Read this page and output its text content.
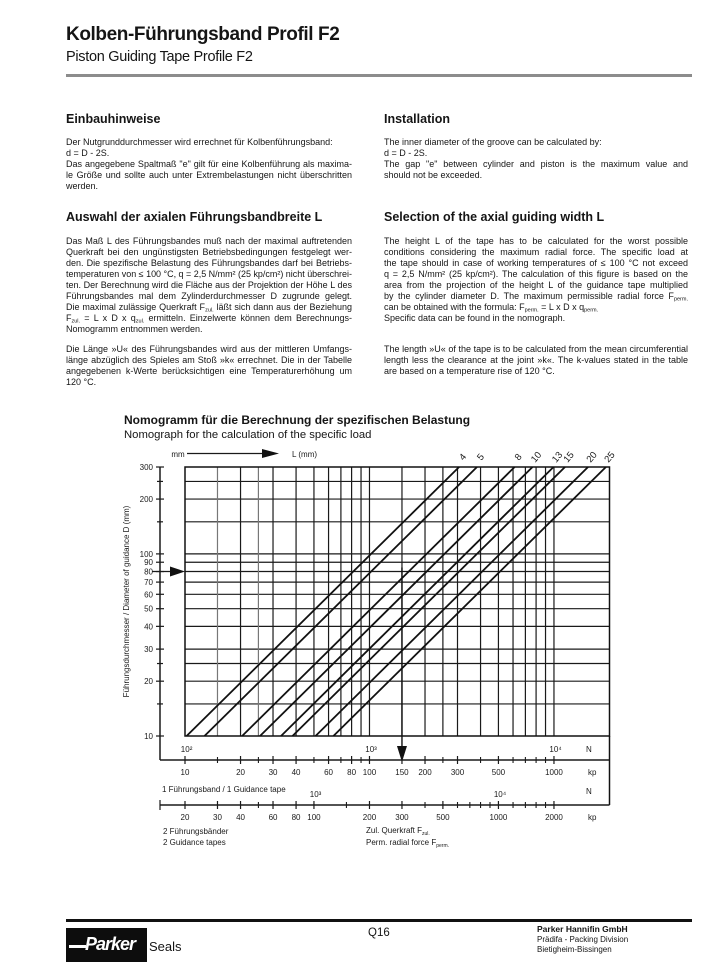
Kolben-Führungsband Profil F2
Piston Guiding Tape Profile F2
Einbauhinweise
Der Nutgrunddurchmesser wird errechnet für Kolbenführungsband:
d = D - 2S.
Das angegebene Spaltmaß "e" gilt für eine Kolbenführung als maxima-
le Größe und sollte auch unter Extrembelastungen nicht überschritten
werden.
Installation
The inner diameter of the groove can be calculated by:
d = D - 2S.
The gap "e" between cylinder and piston is the maximum value and
should not be exceeded.
Auswahl der axialen Führungsbandbreite L
Das Maß L des Führungsbandes muß nach der maximal auftretenden
Querkraft bei den ungünstigsten Betriebsbedingungen festgelegt wer-
den. Die spezifische Belastung des Führungsbandes darf bei Betriebs-
temperaturen von ≤ 100 °C, q = 2,5 N/mm² (25 kp/cm²) nicht überschrei-
ten. Der Berechnung wird die Fläche aus der Projektion der Höhe L des
Führungsbandes mal dem Zylinderdurchmesser D zugrunde gelegt.
Die maximal zulässige Querkraft $F_{zul.}$ läßt sich dann aus der Beziehung
$F_{zul.} = L$ x D x $q_{zul.}$ ermitteln. Einzelwerte können dem Berechnungs-
Nomogramm entnommen werden.
Selection of the axial guiding width L
The height L of the tape has to be calculated for the worst possible
conditions considering the maximum radial force. The specific load at
the tape should in case of working temperatures of ≤ 100 °C not exceed
q = 2,5 N/mm² (25 kp/cm²). The calculation of this figure is based on the
area from the projection of the height L of the guidance tape multiplied
by the cylinder diameter D. The maximum permissible radial force $F_{perm.}$
can be obtained with the formula: $F_{perm.} = L$ x D x $q_{perm.}$
Specific data can be found in the nomograph.
Die Länge »U« des Führungsbandes wird aus der mittleren Umfangs-
länge abzüglich des Spieles am Stoß »k« errechnet. Die in der Tabelle
angegebenen k-Werte berücksichtigen eine Temperaturerhöhung um
120 °C.
The length »U« of the tape is to be calculated from the mean circumferential
length less the clearance at the joint »k«. The k-values stated in the table
are based on a temperature rise of 120 °C.
Nomogramm für die Berechnung der spezifischen Belastung
Nomograph for the calculation of the specific load
4 5	8 10 13
15 20 25
mm	L (mm)
10
20
30
40
50
60
70
80
90
100
200
300
Führungsdurchmesser / Diameter of guidance D (mm)
10²	10³	10⁴	N
10	20	30 40	60 80 100 150 200 300	500	1000	kp
1 Führungsband / 1 Guidance tape
10³	10⁴	N
20	30 40	60 80 100	200 300	500	1000	2000	kp
2 Führungsbänder
2 Guidance tapes
Zul. Querkraft $F_{zul.}$
Perm. radial force $F_{perm.}$
Parker Seals
Q16	Parker Hannifin GmbH
Prädifa - Packing Division
Bietigheim-Bissingen
